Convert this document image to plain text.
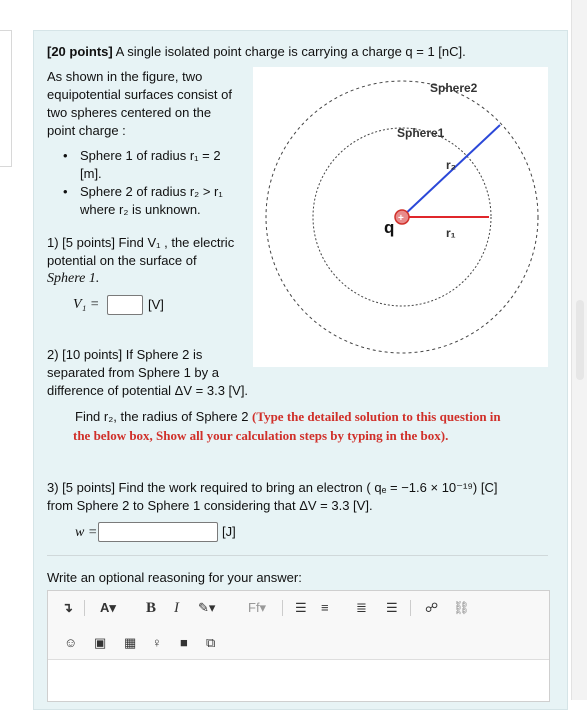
[20 points] A single isolated point charge is carrying a charge q = 1 [nC].
As shown in the figure, two
equipotential surfaces consist of
two spheres centered on the
point charge :
• Sphere 1 of radius r₁ = 2
[m].
• Sphere 2 of radius r₂ > r₁
where r₂ is unknown.
+
Sphere2
Sphere1
r₂
r₁
q
1) [5 points] Find V₁ , the electric
potential on the surface of
Sphere 1.
V₁ =	[V]
2) [10 points] If Sphere 2 is
separated from Sphere 1 by a
difference of potential ΔV = 3.3 [V].
Find r₂, the radius of Sphere 2 (Type the detailed solution to this question in
the below box, Show all your calculation steps by typing in the box).
3) [5 points] Find the work required to bring an electron ( qₑ = −1.6 × 10⁻¹⁹) [C]
from Sphere 2 to Sphere 1 considering that ΔV = 3.3 [V].
w =	[J]
Write an optional reasoning for your answer:
↴ A▾ B I ✎▾	Ff▾ ☰ ≡ ≣ ☰ ☍ ⛓
☺ ▣ ▦ ♀ ■ ⧉
